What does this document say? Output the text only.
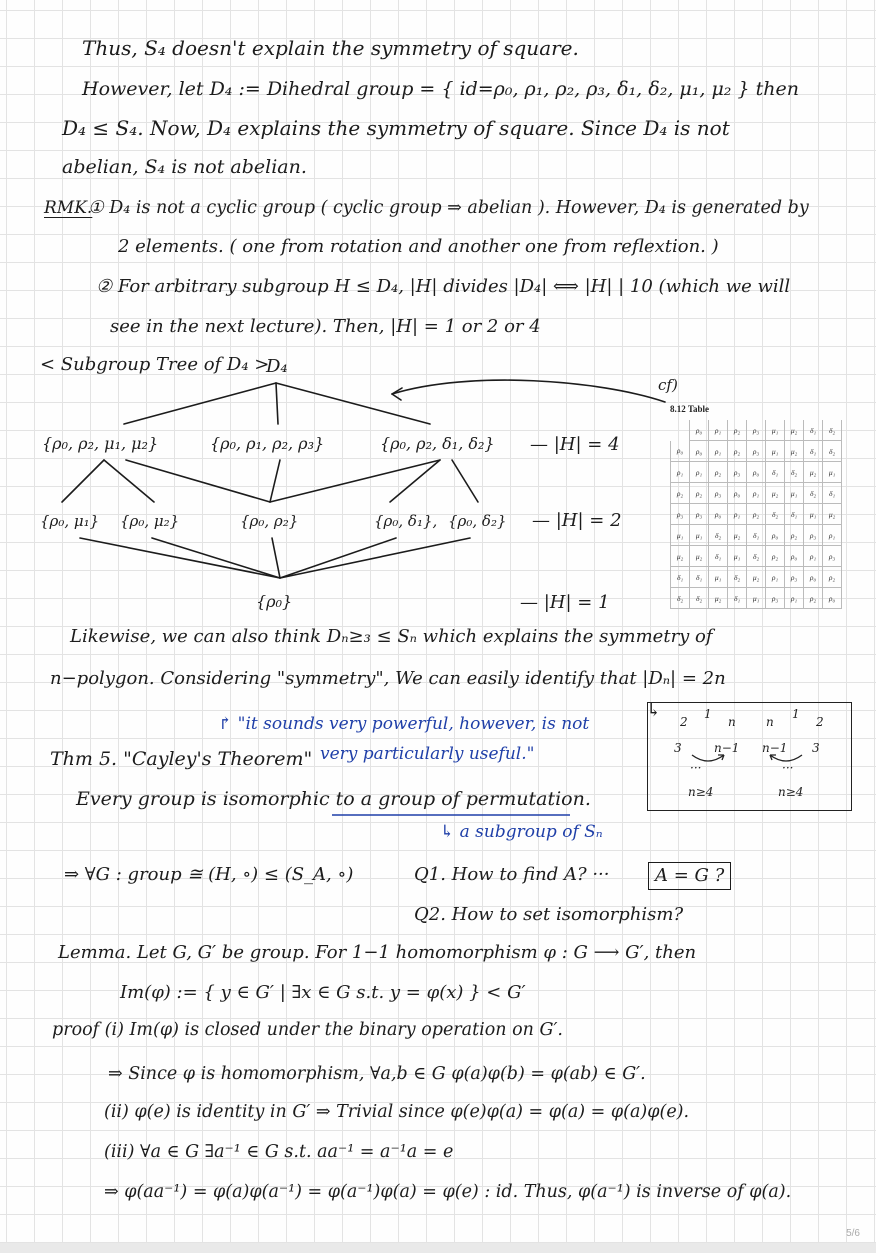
Thus, S₄ doesn't explain the symmetry of square.
However, let D₄ := Dihedral group = { id=ρ₀, ρ₁, ρ₂, ρ₃, δ₁, δ₂, μ₁, μ₂ } then
D₄ ≤ S₄. Now, D₄ explains the symmetry of square. Since D₄ is not
abelian, S₄ is not abelian.
RMK.
① D₄ is not a cyclic group ( cyclic group ⇒ abelian ). However, D₄ is generated by
2 elements. ( one from rotation and another one from reflextion. )
② For arbitrary subgroup H ≤ D₄, |H| divides |D₄| ⟺ |H| | 10 (which we will
see in the next lecture). Then, |H| = 1 or 2 or 4
< Subgroup Tree of D₄ >
D₄
cf)
{ρ₀, ρ₂, μ₁, μ₂}	{ρ₀, ρ₁, ρ₂, ρ₃}	{ρ₀, ρ₂, δ₁, δ₂} — |H| = 4
{ρ₀, μ₁} {ρ₀, μ₂}	{ρ₀, ρ₂}	{ρ₀, δ₁}, {ρ₀, δ₂} — |H| = 2
{ρ₀}	— |H| = 1
8.12 Table
	ρ₀	ρ₁	ρ₂	ρ₃	μ₁	μ₂	δ₁	δ₂
ρ₀	ρ₀	ρ₁	ρ₂	ρ₃	μ₁	μ₂	δ₁	δ₂
ρ₁	ρ₁	ρ₂	ρ₃	ρ₀	δ₁	δ₂	μ₂	μ₁
ρ₂	ρ₂	ρ₃	ρ₀	ρ₁	μ₂	μ₁	δ₂	δ₁
ρ₃	ρ₃	ρ₀	ρ₁	ρ₂	δ₂	δ₁	μ₁	μ₂
μ₁	μ₁	δ₂	μ₂	δ₁	ρ₀	ρ₂	ρ₃	ρ₁
μ₂	μ₂	δ₁	μ₁	δ₂	ρ₂	ρ₀	ρ₁	ρ₃
δ₁	δ₁	μ₁	δ₂	μ₂	ρ₁	ρ₃	ρ₀	ρ₂
δ₂	δ₂	μ₂	δ₁	μ₁	ρ₃	ρ₁	ρ₂	ρ₀
Likewise, we can also think Dₙ≥₃ ≤ Sₙ which explains the symmetry of
n−polygon. Considering "symmetry", We can easily identify that |Dₙ| = 2n
↱ "it sounds very powerful, however, is not
Thm 5. "Cayley's Theorem" very particularly useful."
Every group is isomorphic to a group of permutation.
↳ a subgroup of Sₙ
⇒ ∀G : group ≅ (H, ∘) ≤ (S_A, ∘)	Q1. How to find A? ···	A = G ?
Q2. How to set isomorphism?
Lemma. Let G, G′ be group. For 1−1 homomorphism φ : G ⟶ G′, then
Im(φ) := { y ∈ G′ | ∃x ∈ G s.t. y = φ(x) } < G′
proof (i) Im(φ) is closed under the binary operation on G′.
⇒ Since φ is homomorphism, ∀a,b ∈ G φ(a)φ(b) = φ(ab) ∈ G′.
(ii) φ(e) is identity in G′ ⇒ Trivial since φ(e)φ(a) = φ(a) = φ(a)φ(e).
(iii) ∀a ∈ G ∃a⁻¹ ∈ G s.t. aa⁻¹ = a⁻¹a = e
⇒ φ(aa⁻¹) = φ(a)φ(a⁻¹) = φ(a⁻¹)φ(a) = φ(e) : id. Thus, φ(a⁻¹) is inverse of φ(a).
↳
2
1
n
3	n−1
···
n≥4
n
1
2
n−1 3
···
n≥4
5/6
